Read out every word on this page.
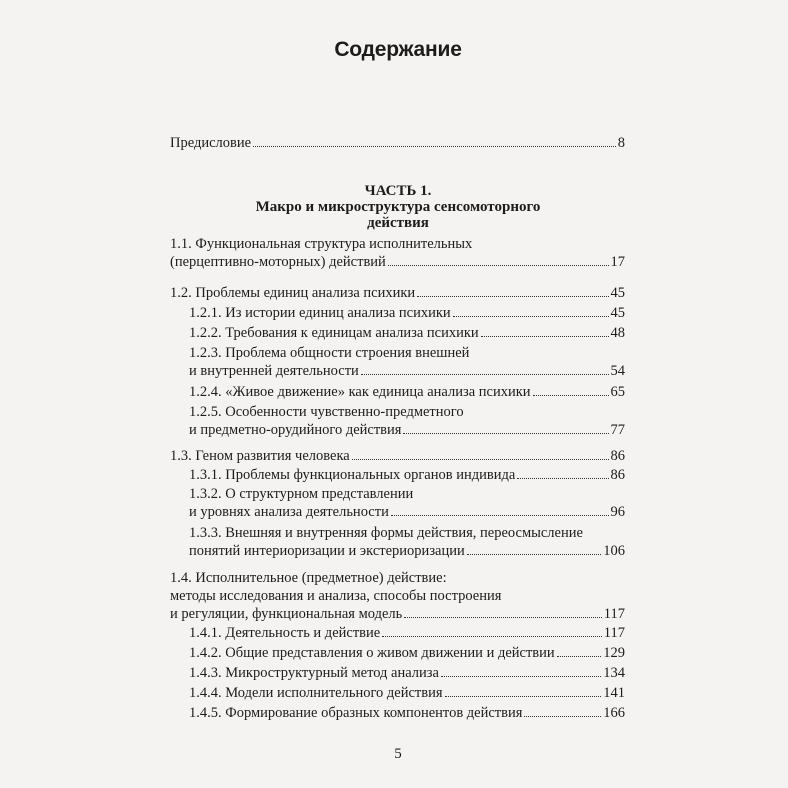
Содержание
Предисловие	8
ЧАСТЬ 1.
Макро и микроструктура сенсомоторного
действия
1.1. Функциональная структура исполнительных
(перцептивно-моторных) действий	17
1.2. Проблемы единиц анализа психики	45
1.2.1. Из истории единиц анализа психики	45
1.2.2. Требования к единицам анализа психики	48
1.2.3. Проблема общности строения внешней
и внутренней деятельности	54
1.2.4. «Живое движение» как единица анализа психики	65
1.2.5. Особенности чувственно-предметного
и предметно-орудийного действия	77
1.3. Геном развития человека	86
1.3.1. Проблемы функциональных органов индивида	86
1.3.2. О структурном представлении
и уровнях анализа деятельности	96
1.3.3. Внешняя и внутренняя формы действия, переосмысление
понятий интериоризации и экстериоризации	106
1.4. Исполнительное (предметное) действие:
методы исследования и анализа, способы построения
и регуляции, функциональная модель	117
1.4.1. Деятельность и действие	117
1.4.2. Общие представления о живом движении и действии	129
1.4.3. Микроструктурный метод анализа	134
1.4.4. Модели исполнительного действия	141
1.4.5. Формирование образных компонентов действия	166
5
